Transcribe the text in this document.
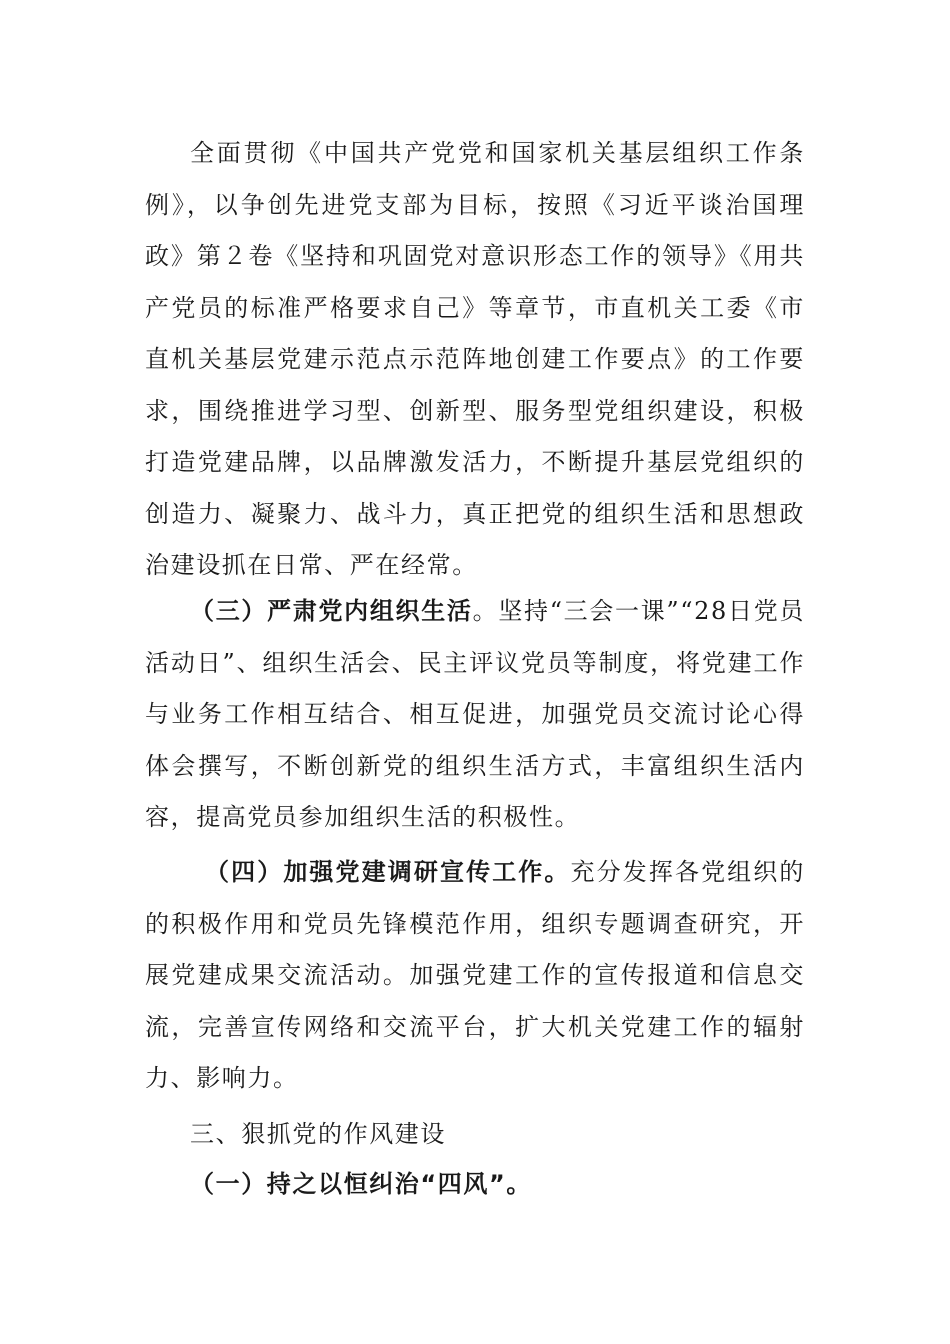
全面贯彻《中国共产党党和国家机关基层组织工作条例》，以争创先进党支部为目标，按照《习近平谈治国理政》第２卷《坚持和巩固党对意识形态工作的领导》《用共产党员的标准严格要求自己》等章节，市直机关工委《市直机关基层党建示范点示范阵地创建工作要点》的工作要求，围绕推进学习型、创新型、服务型党组织建设，积极打造党建品牌，以品牌激发活力，不断提升基层党组织的创造力、凝聚力、战斗力，真正把党的组织生活和思想政治建设抓在日常、严在经常。

（三）严肃党内组织生活。坚持“三会一课”“28日党员活动日”、组织生活会、民主评议党员等制度，将党建工作与业务工作相互结合、相互促进，加强党员交流讨论心得体会撰写，不断创新党的组织生活方式，丰富组织生活内容，提高党员参加组织生活的积极性。

（四）加强党建调研宣传工作。充分发挥各党组织的的积极作用和党员先锋模范作用，组织专题调查研究，开展党建成果交流活动。加强党建工作的宣传报道和信息交流，完善宣传网络和交流平台，扩大机关党建工作的辐射力、影响力。

三、狠抓党的作风建设

（一）持之以恒纠治“四风”。
